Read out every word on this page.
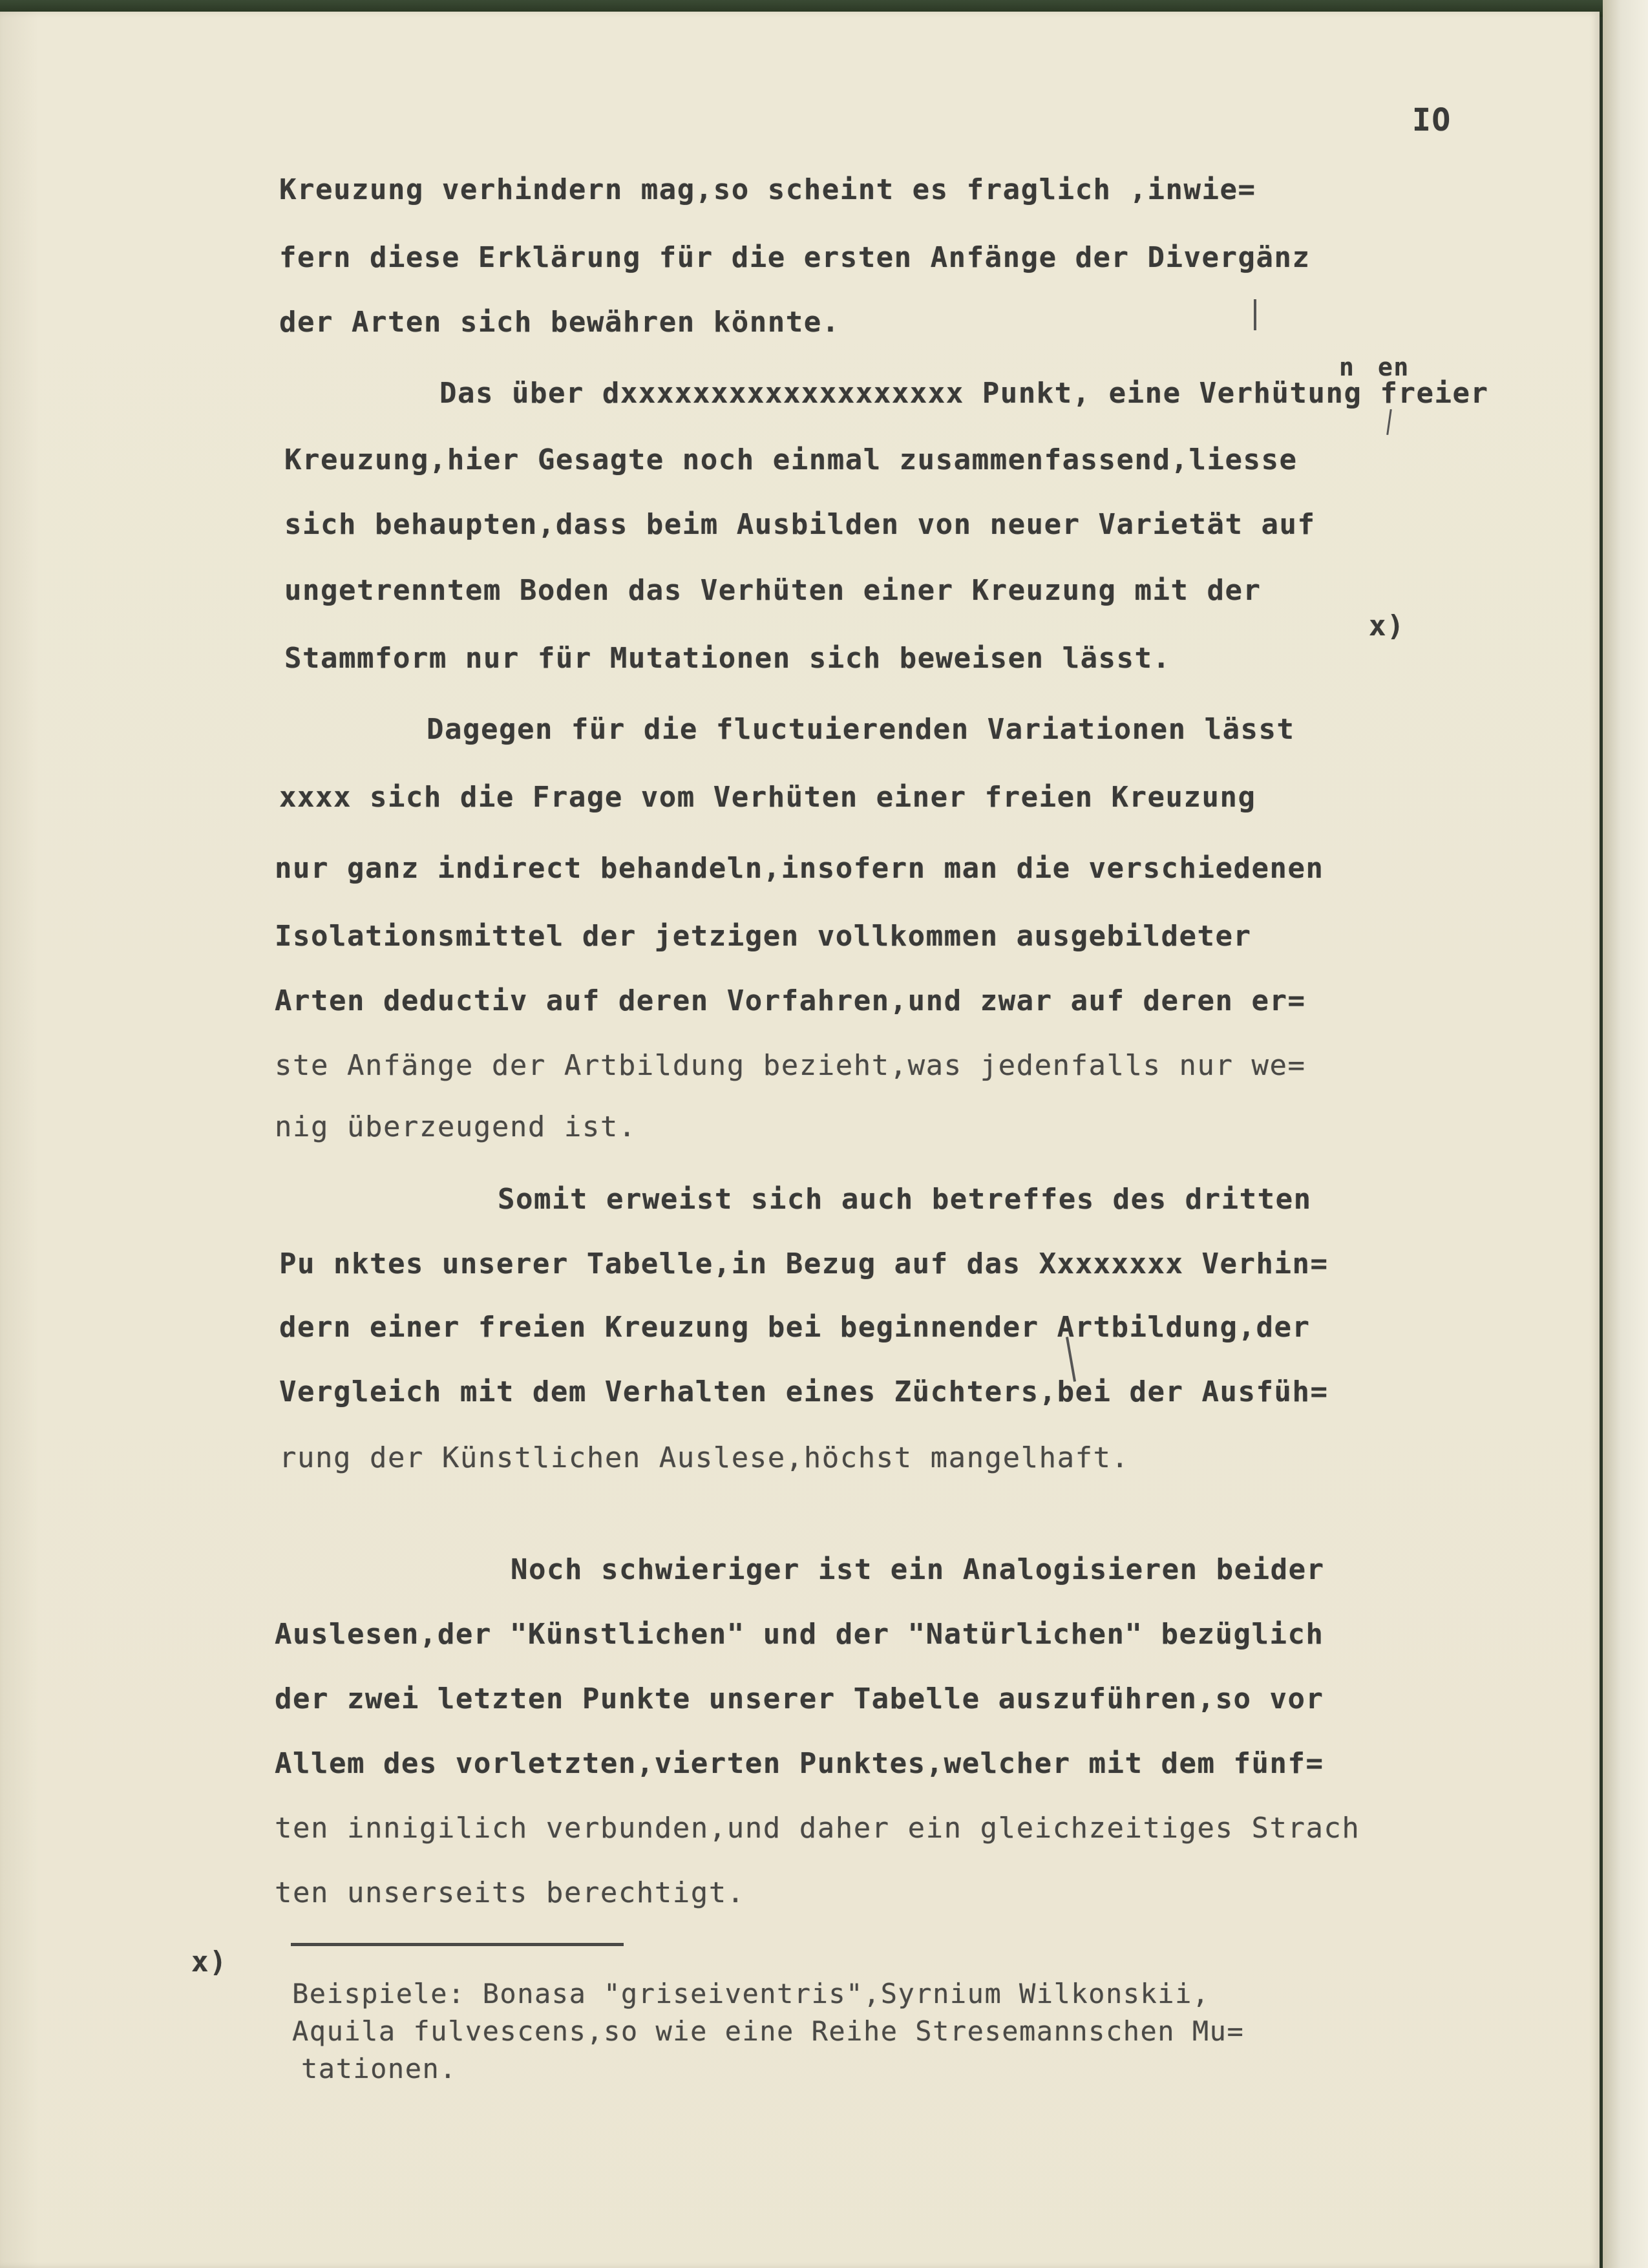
IO
Kreuzung verhindern mag,so scheint es fraglich ,inwie=
fern diese Erklärung für die ersten Anfänge der Divergänz
der Arten sich bewähren könnte.
n en
Das über dxxxxxxxxxxxxxxxxxxx Punkt, eine Verhütung freier
Kreuzung,hier Gesagte noch einmal zusammenfassend,liesse
sich behaupten,dass beim Ausbilden von neuer Varietät auf
ungetrenntem Boden das Verhüten einer Kreuzung mit der
x)
Stammform nur für Mutationen sich beweisen lässt.
Dagegen für die fluctuierenden Variationen lässt
xxxx sich die Frage vom Verhüten einer freien Kreuzung
nur ganz indirect behandeln,insofern man die verschiedenen
Isolationsmittel der jetzigen vollkommen ausgebildeter
Arten deductiv auf deren Vorfahren,und zwar auf deren er=
ste Anfänge der Artbildung bezieht,was jedenfalls nur we=
nig überzeugend ist.
Somit erweist sich auch betreffes des dritten
Pu nktes unserer Tabelle,in Bezug auf das Xxxxxxxx Verhin=
dern einer freien Kreuzung bei beginnender Artbildung,der
Vergleich mit dem Verhalten eines Züchters,bei der Ausfüh=
rung der Künstlichen Auslese,höchst mangelhaft.
Noch schwieriger ist ein Analogisieren beider
Auslesen,der "Künstlichen" und der "Natürlichen" bezüglich
der zwei letzten Punkte unserer Tabelle auszuführen,so vor
Allem des vorletzten,vierten Punktes,welcher mit dem fünf=
ten innigilich verbunden,und daher ein gleichzeitiges Strach
ten unserseits berechtigt.
x)
Beispiele: Bonasa "griseiventris",Syrnium Wilkonskii,
Aquila fulvescens,so wie eine Reihe Stresemannschen Mu=
tationen.
